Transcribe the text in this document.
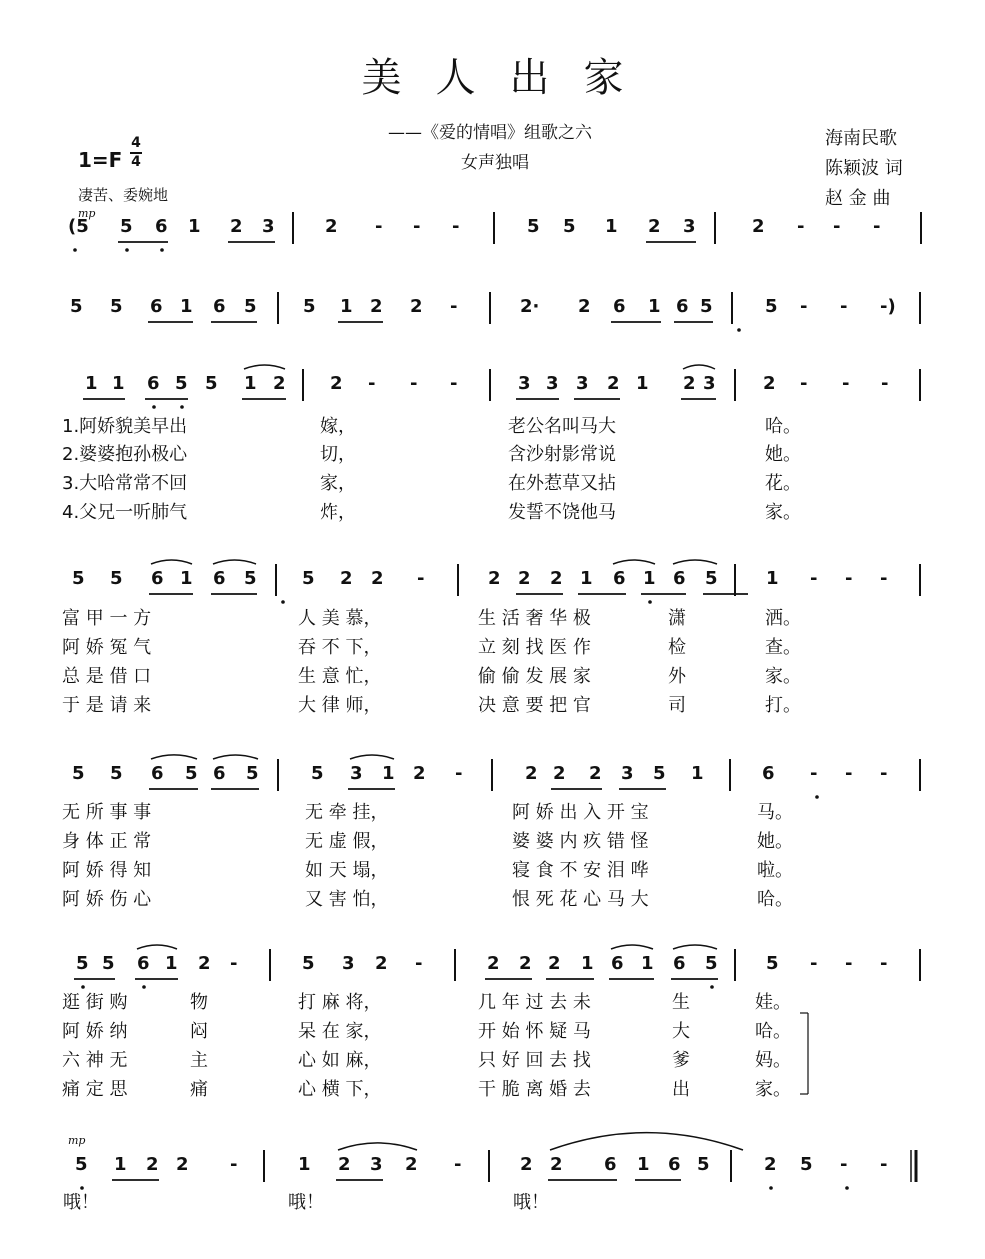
美人出家
——《爱的情唱》组歌之六
女声独唱
海南民歌
陈颖波 词
赵 金 曲
1=F
4
4
凄苦、委婉地
mp
mp
(5 5 6 1 2 3	2 - - -	5 5 1 2 3	2 - - -
5 5 6 1 6 5	5 1 2 2 -	2· 2 6 1 6 5	5 - - -)
1 1 6 5 5 1 2 2 - - -	3 3 3 2 1 2 3	2 - - -
1.阿娇貌美早出	嫁，	老公名叫马大	哈。
2.婆婆抱孙极心	切，	含沙射影常说	她。
3.大哈常常不回	家，	在外惹草又拈	花。
4.父兄一听肺气	炸，	发誓不饶他马	家。
5 5 6 1 6 5	5 2 2 -	2 2 2 1 6 1 6 5	1 - - -
富 甲 一 方	人 美 慕，	生 活 奢 华 极	潇	洒。
阿 娇 冤 气	吞 不 下，	立 刻 找 医 作	检	查。
总 是 借 口	生 意 忙，	偷 偷 发 展 家	外	家。
于 是 请 来	大 律 师，	决 意 要 把 官	司	打。
5 5 6 5 6 5	5 3 1 2 -	2 2 2 3 5 1	6 - - -
无 所 事 事	无 牵 挂，	阿 娇 出 入 开 宝	马。
身 体 正 常	无 虚 假，	婆 婆 内 疚 错 怪	她。
阿 娇 得 知	如 天 塌，	寝 食 不 安 泪 哗	啦。
阿 娇 伤 心	又 害 怕，	恨 死 花 心 马 大	哈。
5 5 6 1 2 -	5 3 2 -	2 2 2 1 6 1 6 5	5 - - -
逛 街 购	物	打 麻 将，	几 年 过 去 未	生	娃。
阿 娇 纳	闷	呆 在 家，	开 始 怀 疑 马	大	哈。
六 神 无	主	心 如 麻，	只 好 回 去 找	爹	妈。
痛 定 思	痛	心 横 下，	干 脆 离 婚 去	出	家。
5 1 2 2 -	1 2 3 2 -	2 2 6 1 6 5	2 5 - -
哦！	哦！	哦！
